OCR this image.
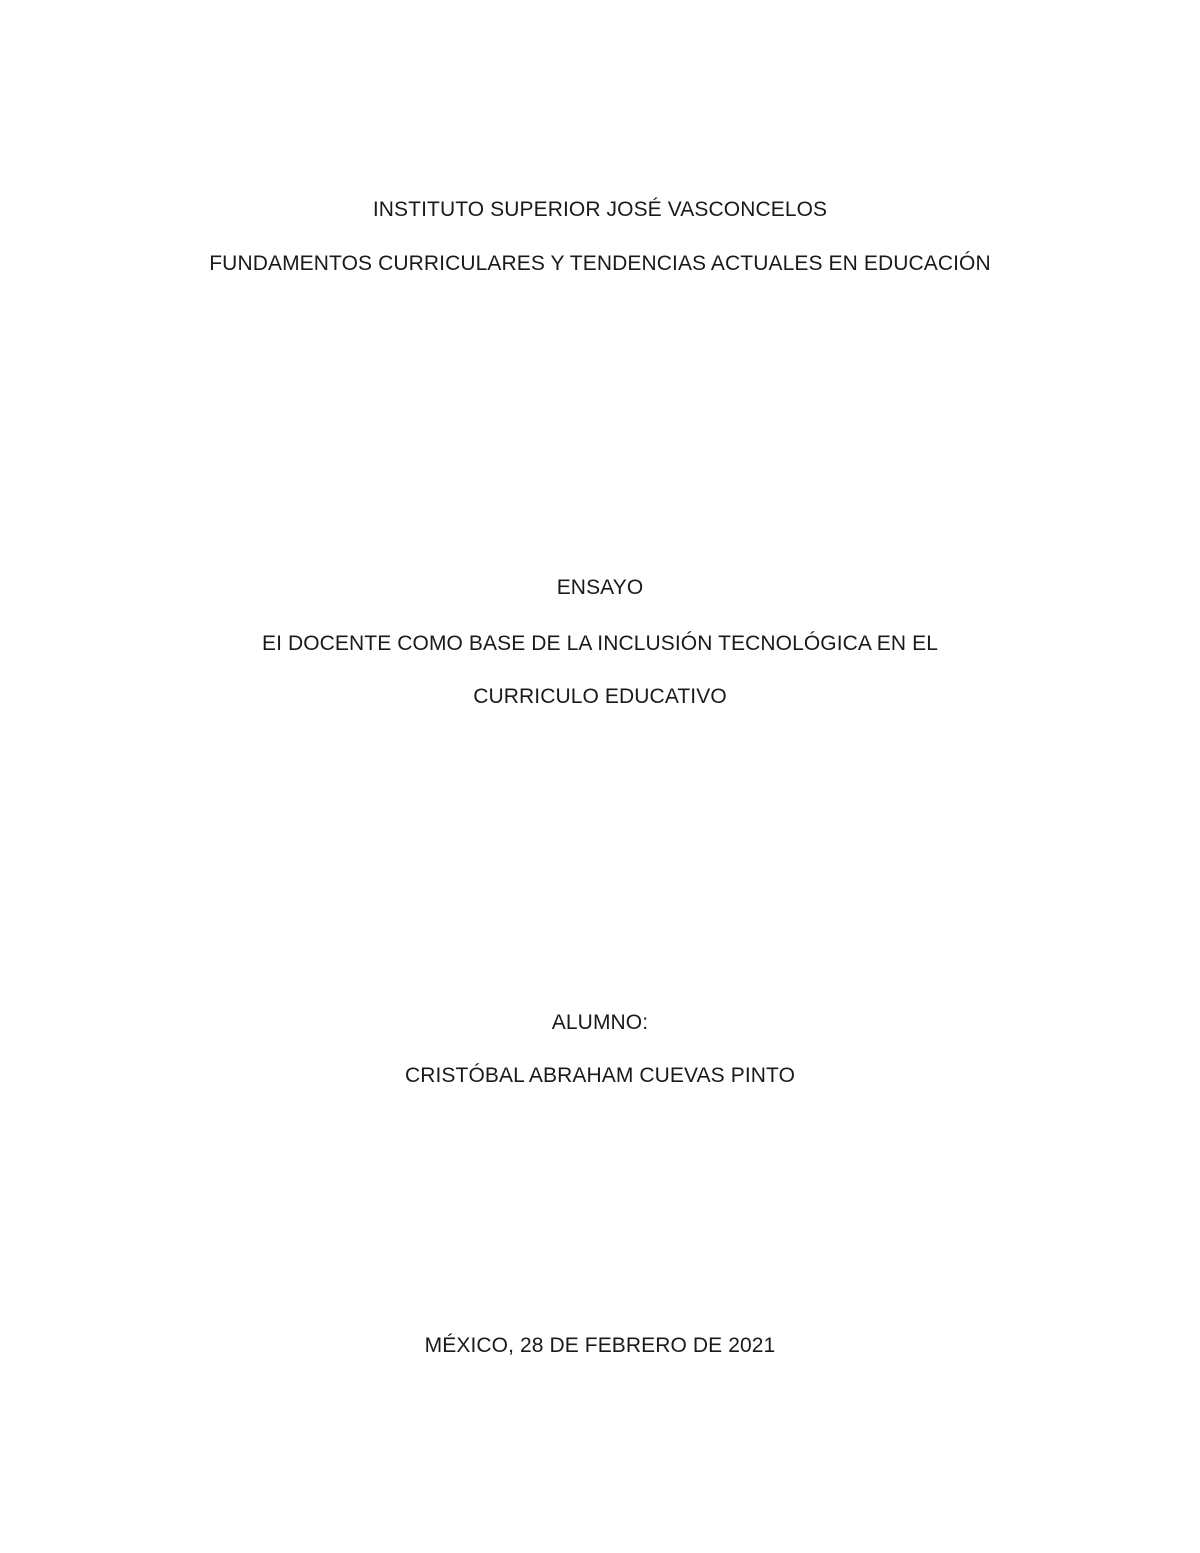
INSTITUTO SUPERIOR JOSÉ VASCONCELOS
FUNDAMENTOS CURRICULARES Y TENDENCIAS ACTUALES EN EDUCACIÓN
ENSAYO
EI DOCENTE COMO BASE DE LA INCLUSIÓN TECNOLÓGICA EN EL
CURRICULO EDUCATIVO
ALUMNO:
CRISTÓBAL ABRAHAM CUEVAS PINTO
MÉXICO, 28 DE FEBRERO DE 2021
